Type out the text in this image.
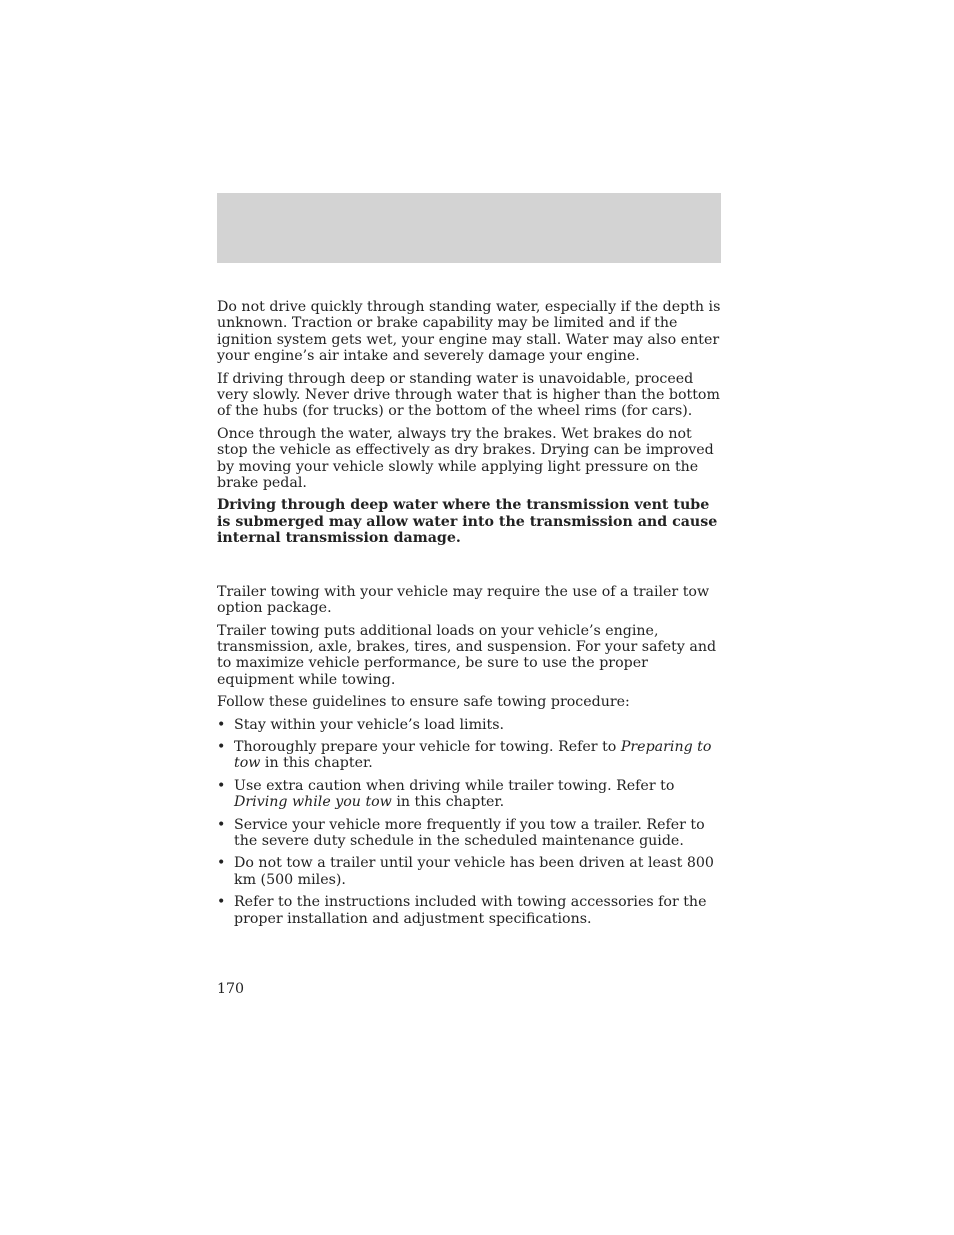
Do not drive quickly through standing water, especially if the depth is unknown. Traction or brake capability may be limited and if the ignition system gets wet, your engine may stall. Water may also enter your engine’s air intake and severely damage your engine.

If driving through deep or standing water is unavoidable, proceed very slowly. Never drive through water that is higher than the bottom of the hubs (for trucks) or the bottom of the wheel rims (for cars).

Once through the water, always try the brakes. Wet brakes do not stop the vehicle as effectively as dry brakes. Drying can be improved by moving your vehicle slowly while applying light pressure on the brake pedal.

Driving through deep water where the transmission vent tube is submerged may allow water into the transmission and cause internal transmission damage.

Trailer towing with your vehicle may require the use of a trailer tow option package.

Trailer towing puts additional loads on your vehicle’s engine, transmission, axle, brakes, tires, and suspension. For your safety and to maximize vehicle performance, be sure to use the proper equipment while towing.

Follow these guidelines to ensure safe towing procedure:

• Stay within your vehicle’s load limits.
• Thoroughly prepare your vehicle for towing. Refer to Preparing to tow in this chapter.
• Use extra caution when driving while trailer towing. Refer to Driving while you tow in this chapter.
• Service your vehicle more frequently if you tow a trailer. Refer to the severe duty schedule in the scheduled maintenance guide.
• Do not tow a trailer until your vehicle has been driven at least 800 km (500 miles).
• Refer to the instructions included with towing accessories for the proper installation and adjustment specifications.
170
